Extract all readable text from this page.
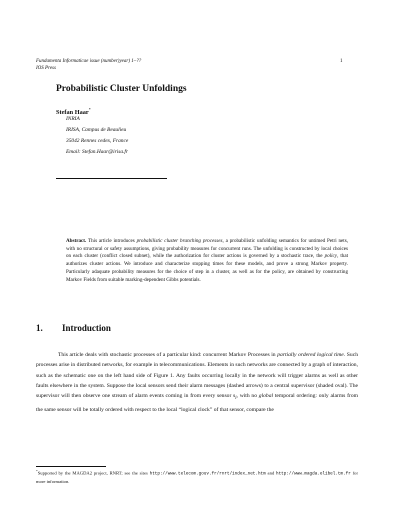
Fundamenta Informaticae issue (number)year) 1–??
IOS Press
1
Probabilistic Cluster Unfoldings
Stefan Haar*
INRIA
IRISA, Campus de Beaulieu
35042 Rennes cedex, France
Email: Stefan.Haar@irisa.fr
Abstract. This article introduces probabilistic cluster branching processes, a probabilistic unfolding semantics for untimed Petri nets, with no structural or safety assumptions, giving probability measures for concurrent runs. The unfolding is constructed by local choices on each cluster (conflict closed subnet), while the authorization for cluster actions is governed by a stochastic trace, the policy, that authorizes cluster actions. We introduce and characterize stopping times for these models, and prove a strong Markov property. Particularly adaquate probability measures for the choice of step in a cluster, as well as for the policy, are obtained by constructing Markov Fields from suitable marking-dependent Gibbs potentials.
1. Introduction

This article deals with stochastic processes of a particular kind: concurrent Markov Processes in partially ordered logical time. Such processes arise in distributed networks, for example in telecommunications. Elements in such networks are connected by a graph of interaction, such as the schematic one on the left hand side of Figure 1. Any faults occurring locally in the network will trigger alarms as well as other faults elsewhere in the system. Suppose the local sensors send their alarm messages (dashed arrows) to a central supervisor (shaded oval). The supervisor will then observe one stream of alarm events coming in from every sensor $s_i$, with no global temporal ordering: only alarms from the same sensor will be totally ordered with respect to the local “logical clock” of that sensor, compare the

*Supported by the MAGDA2 project, RNRT; see the sites http://www.telecom.gouv.fr/rnrt/index_net.htm and http://www.magda.elibel.tm.fr for more information.
